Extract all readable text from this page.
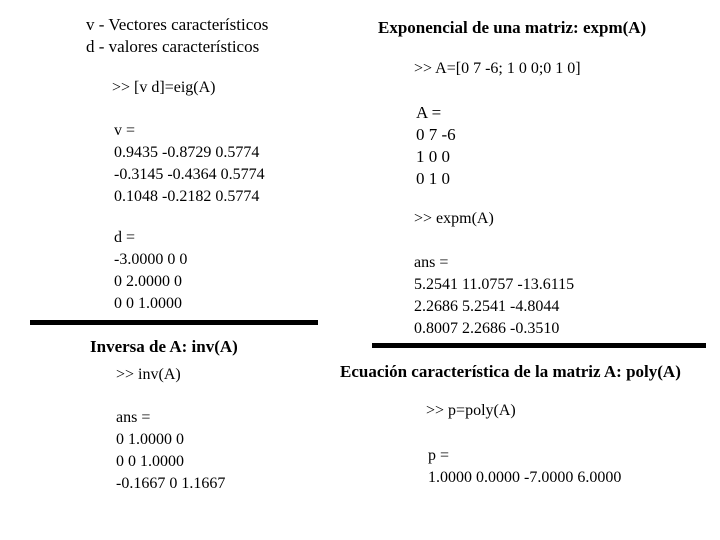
v - Vectores característicos
d - valores característicos
>> [v d]=eig(A)
v =
0.9435 -0.8729 0.5774
-0.3145 -0.4364 0.5774
0.1048 -0.2182 0.5774
d =
-3.0000 0 0
0 2.0000 0
0 0 1.0000
Inversa de A: inv(A)
>> inv(A)
ans =
0 1.0000 0
0 0 1.0000
-0.1667 0 1.1667
Exponencial de una matriz: expm(A)
>> A=[0 7 -6; 1 0 0;0 1 0]
A =
0 7 -6
1 0 0
0 1 0
>> expm(A)
ans =
5.2541 11.0757 -13.6115
2.2686 5.2541 -4.8044
0.8007 2.2686 -0.3510
Ecuación característica de la matriz A: poly(A)
>> p=poly(A)
p =
1.0000 0.0000 -7.0000 6.0000
